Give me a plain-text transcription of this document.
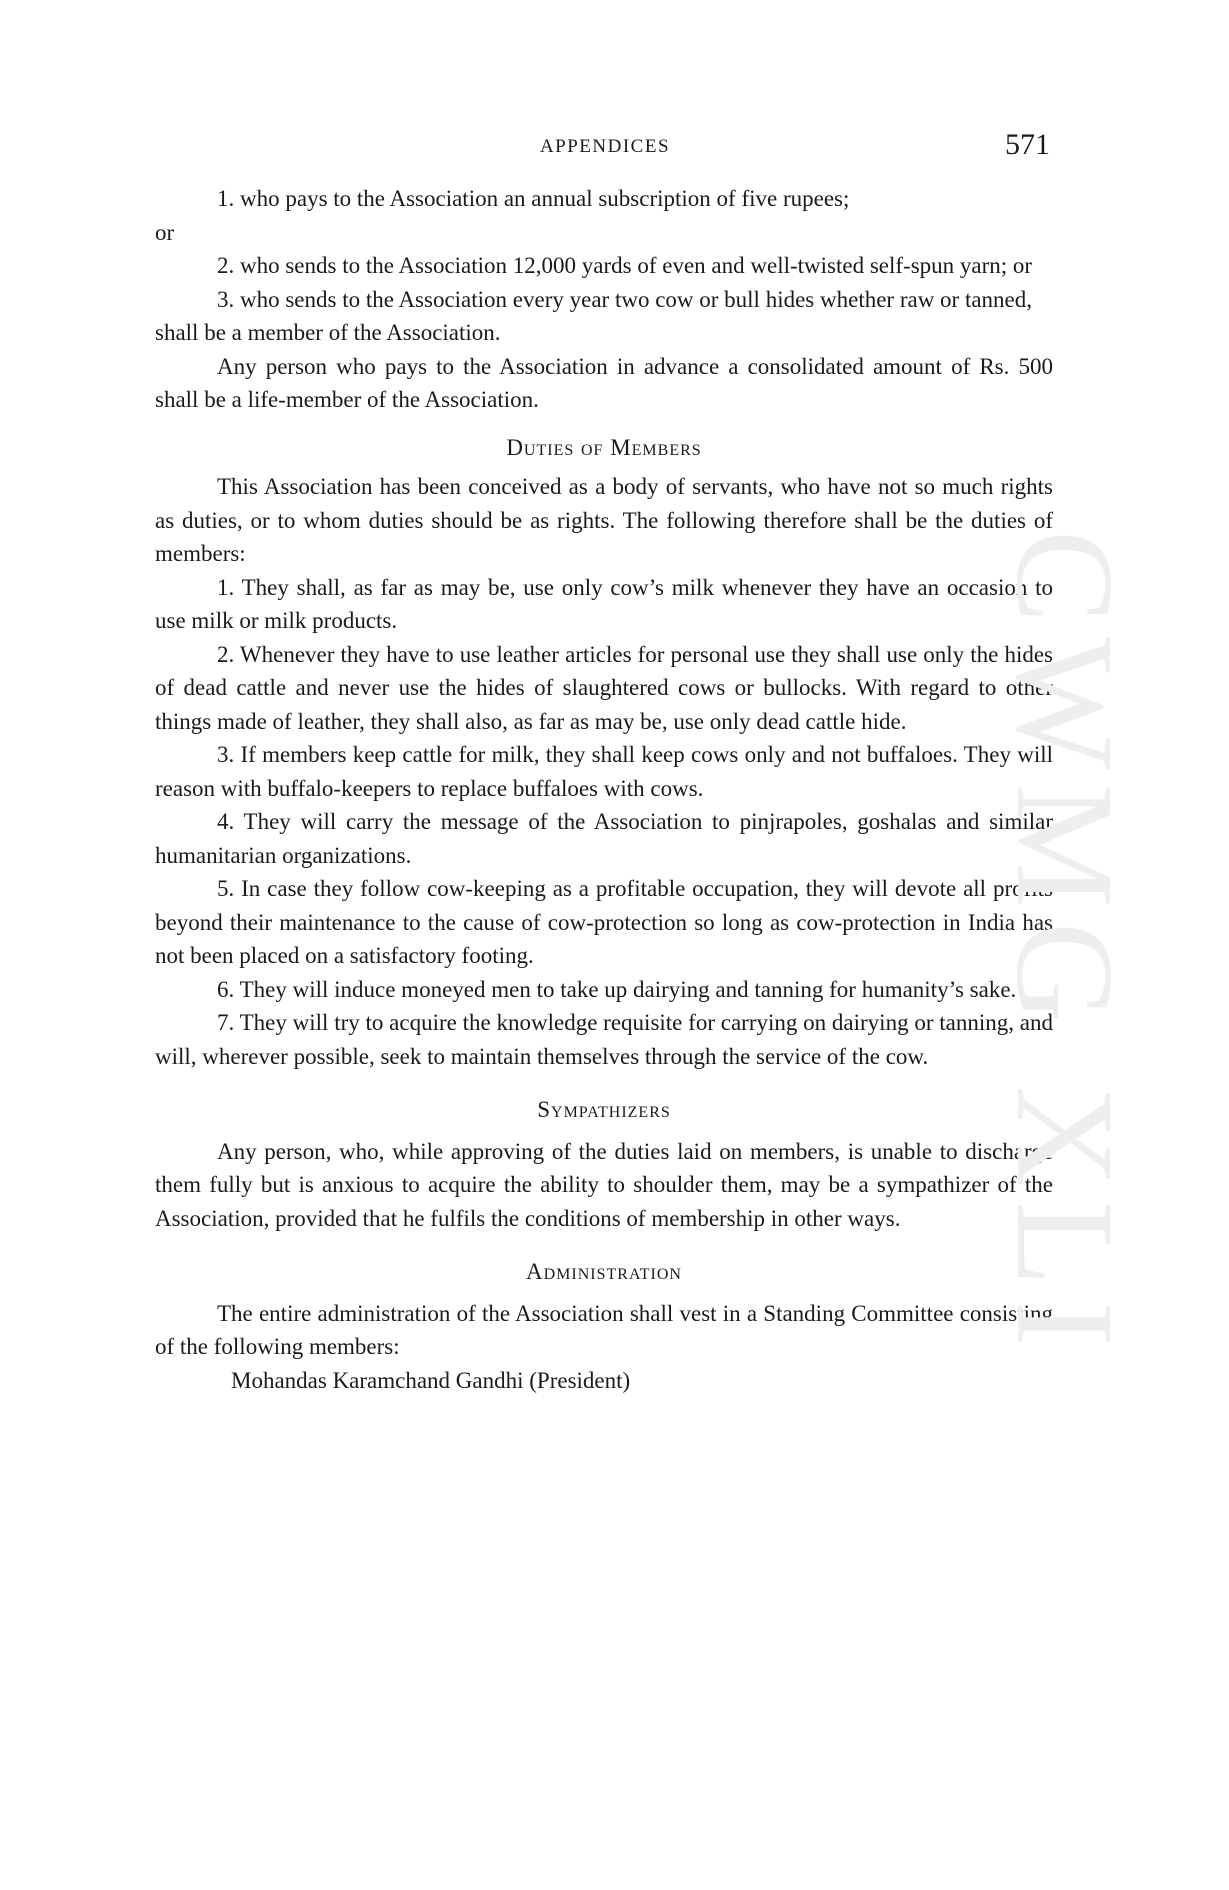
APPENDICES	571

1. who pays to the Association an annual subscription of five rupees;

or

2. who sends to the Association 12,000 yards of even and well-twisted self-spun yarn; or

3. who sends to the Association every year two cow or bull hides whether raw or tanned,

shall be a member of the Association.

Any person who pays to the Association in advance a consolidated amount of Rs. 500 shall be a life-member of the Association.

Duties of Members

This Association has been conceived as a body of servants, who have not so much rights as duties, or to whom duties should be as rights. The following therefore shall be the duties of members:

1. They shall, as far as may be, use only cow’s milk whenever they have an occasion to use milk or milk products.

2. Whenever they have to use leather articles for personal use they shall use only the hides of dead cattle and never use the hides of slaughtered cows or bullocks. With regard to other things made of leather, they shall also, as far as may be, use only dead cattle hide.

3. If members keep cattle for milk, they shall keep cows only and not buffaloes. They will reason with buffalo-keepers to replace buffaloes with cows.

4. They will carry the message of the Association to pinjrapoles, goshalas and similar humanitarian organizations.

5. In case they follow cow-keeping as a profitable occupation, they will devote all profits beyond their maintenance to the cause of cow-protection so long as cow-protection in India has not been placed on a satisfactory footing.

6. They will induce moneyed men to take up dairying and tanning for humanity’s sake.

7. They will try to acquire the knowledge requisite for carrying on dairying or tanning, and will, wherever possible, seek to maintain themselves through the service of the cow.

Sympathizers

Any person, who, while approving of the duties laid on members, is unable to discharge them fully but is anxious to acquire the ability to shoulder them, may be a sympathizer of the Association, provided that he fulfils the conditions of membership in other ways.

Administration

The entire administration of the Association shall vest in a Standing Committee consisting of the following members:

Mohandas Karamchand Gandhi (President)

CWMG XLI
